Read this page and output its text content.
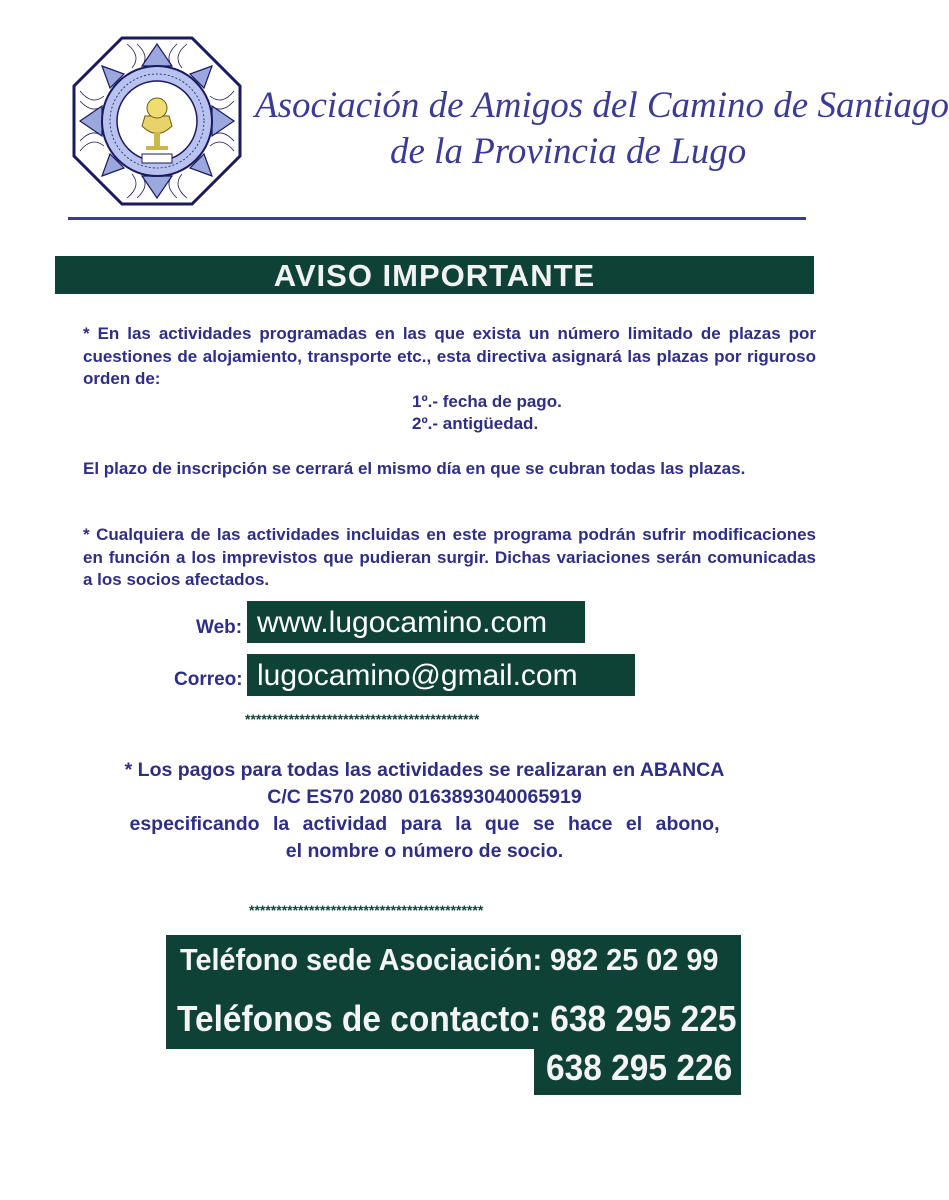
Asociación de Amigos del Camino de Santiago
de la Provincia de Lugo
AVISO IMPORTANTE
* En las actividades programadas en las que exista un número limitado de plazas por cuestiones de alojamiento, transporte etc., esta directiva asignará las plazas por riguroso orden de:
1º.- fecha de pago.
2º.- antigüedad.
El plazo de inscripción se cerrará el mismo día en que se cubran todas las plazas.
* Cualquiera de las actividades incluidas en este programa podrán sufrir modificaciones en función a los imprevistos que pudieran surgir. Dichas variaciones serán comunicadas a los socios afectados.
Web: www.lugocamino.com
Correo: lugocamino@gmail.com
*******************************************
* Los pagos para todas las actividades se realizaran en ABANCA
C/C ES70 2080 0163893040065919
especificando la actividad para la que se hace el abono,
el nombre o número de socio.
*******************************************
Teléfono sede Asociación: 982 25 02 99
Teléfonos de contacto: 638 295 225
638 295 226
